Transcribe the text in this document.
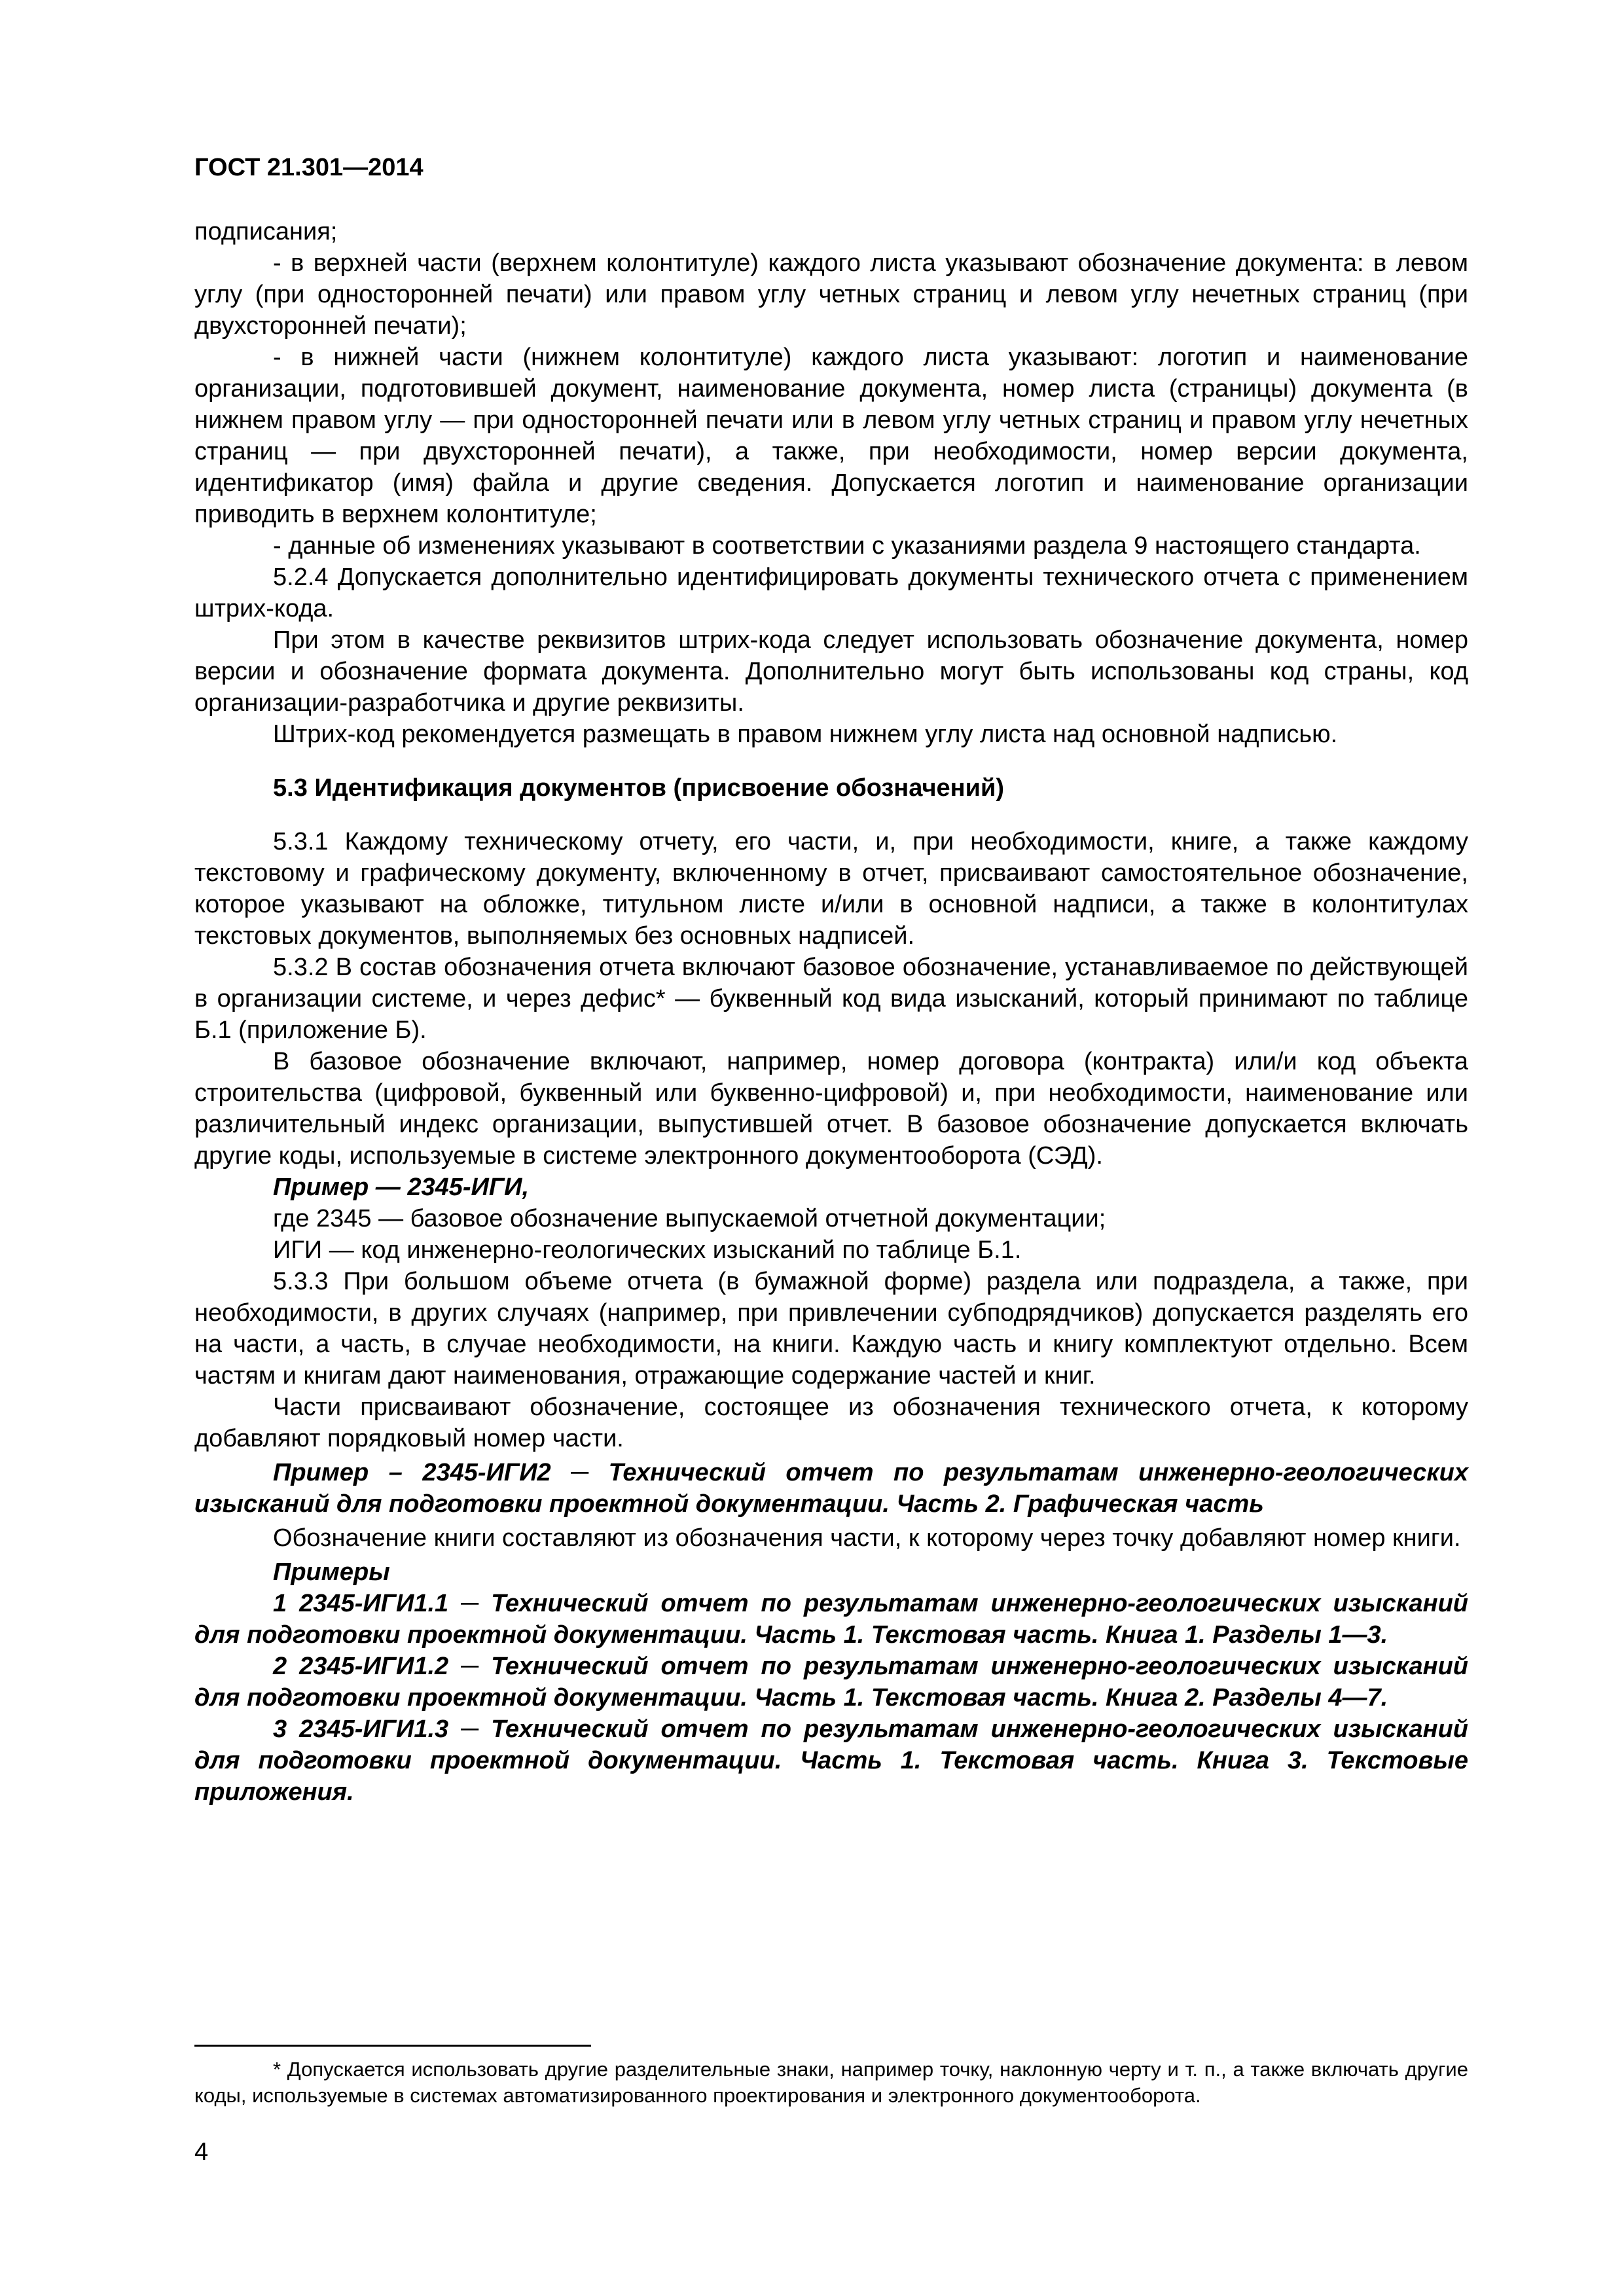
ГОСТ 21.301—2014

подписания;

- в верхней части (верхнем колонтитуле) каждого листа указывают обозначение документа: в левом углу (при односторонней печати) или правом углу четных страниц и левом углу нечетных страниц (при двухсторонней печати);

- в нижней части (нижнем колонтитуле) каждого листа указывают: логотип и наименование организации, подготовившей документ, наименование документа, номер листа (страницы) документа (в нижнем правом углу — при односторонней печати или в левом углу четных страниц и правом углу нечетных страниц — при двухсторонней печати), а также, при необходимости, номер версии документа, идентификатор (имя) файла и другие сведения. Допускается логотип и наименование организации приводить в верхнем колонтитуле;

- данные об изменениях указывают в соответствии с указаниями раздела 9 настоящего стандарта.

5.2.4 Допускается дополнительно идентифицировать документы технического отчета с применением штрих-кода.

При этом в качестве реквизитов штрих-кода следует использовать обозначение документа, номер версии и обозначение формата документа. Дополнительно могут быть использованы код страны, код организации-разработчика и другие реквизиты.

Штрих-код рекомендуется размещать в правом нижнем углу листа над основной надписью.

5.3 Идентификация документов (присвоение обозначений)

5.3.1 Каждому техническому отчету, его части, и, при необходимости, книге, а также каждому текстовому и графическому документу, включенному в отчет, присваивают самостоятельное обозначение, которое указывают на обложке, титульном листе и/или в основной надписи, а также в колонтитулах текстовых документов, выполняемых без основных надписей.

5.3.2 В состав обозначения отчета включают базовое обозначение, устанавливаемое по действующей в организации системе, и через дефис* — буквенный код вида изысканий, который принимают по таблице Б.1 (приложение Б).

В базовое обозначение включают, например, номер договора (контракта) или/и код объекта строительства (цифровой, буквенный или буквенно-цифровой) и, при необходимости, наименование или различительный индекс организации, выпустившей отчет. В базовое обозначение допускается включать другие коды, используемые в системе электронного документооборота (СЭД).

Пример — 2345-ИГИ,

где 2345 — базовое обозначение выпускаемой отчетной документации;

ИГИ — код инженерно-геологических изысканий по таблице Б.1.

5.3.3 При большом объеме отчета (в бумажной форме) раздела или подраздела, а также, при необходимости, в других случаях (например, при привлечении субподрядчиков) допускается разделять его на части, а часть, в случае необходимости, на книги. Каждую часть и книгу комплектуют отдельно. Всем частям и книгам дают наименования, отражающие содержание частей и книг.

Части присваивают обозначение, состоящее из обозначения технического отчета, к которому добавляют порядковый номер части.

Пример – 2345-ИГИ2 ─ Технический отчет по результатам инженерно-геологических изысканий для подготовки проектной документации. Часть 2. Графическая часть

Обозначение книги составляют из обозначения части, к которому через точку добавляют номер книги.

Примеры

1 2345-ИГИ1.1 ─ Технический отчет по результатам инженерно-геологических изысканий для подготовки проектной документации. Часть 1. Текстовая часть. Книга 1. Разделы 1—3.

2 2345-ИГИ1.2 ─ Технический отчет по результатам инженерно-геологических изысканий для подготовки проектной документации. Часть 1. Текстовая часть. Книга 2. Разделы 4—7.

3 2345-ИГИ1.3 ─ Технический отчет по результатам инженерно-геологических изысканий для подготовки проектной документации. Часть 1. Текстовая часть. Книга 3. Текстовые приложения.

* Допускается использовать другие разделительные знаки, например точку, наклонную черту и т. п., а также включать другие коды, используемые в системах автоматизированного проектирования и электронного документооборота.

4
